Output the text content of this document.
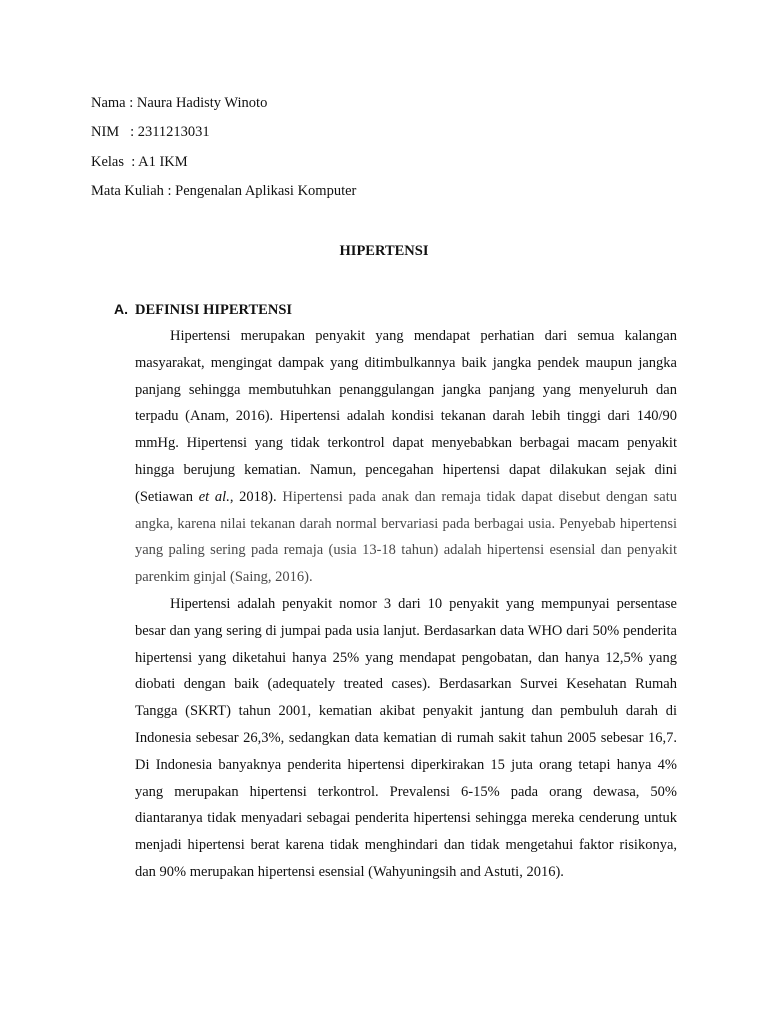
Nama : Naura Hadisty Winoto
NIM   : 2311213031
Kelas  : A1 IKM
Mata Kuliah : Pengenalan Aplikasi Komputer
HIPERTENSI
A. DEFINISI HIPERTENSI

Hipertensi merupakan penyakit yang mendapat perhatian dari semua kalangan masyarakat, mengingat dampak yang ditimbulkannya baik jangka pendek maupun jangka panjang sehingga membutuhkan penanggulangan jangka panjang yang menyeluruh dan terpadu (Anam, 2016). Hipertensi adalah kondisi tekanan darah lebih tinggi dari 140/90 mmHg. Hipertensi yang tidak terkontrol dapat menyebabkan berbagai macam penyakit hingga berujung kematian. Namun, pencegahan hipertensi dapat dilakukan sejak dini (Setiawan et al., 2018). Hipertensi pada anak dan remaja tidak dapat disebut dengan satu angka, karena nilai tekanan darah normal bervariasi pada berbagai usia. Penyebab hipertensi yang paling sering pada remaja (usia 13-18 tahun) adalah hipertensi esensial dan penyakit parenkim ginjal (Saing, 2016).

Hipertensi adalah penyakit nomor 3 dari 10 penyakit yang mempunyai persentase besar dan yang sering di jumpai pada usia lanjut. Berdasarkan data WHO dari 50% penderita hipertensi yang diketahui hanya 25% yang mendapat pengobatan, dan hanya 12,5% yang diobati dengan baik (adequately treated cases). Berdasarkan Survei Kesehatan Rumah Tangga (SKRT) tahun 2001, kematian akibat penyakit jantung dan pembuluh darah di Indonesia sebesar 26,3%, sedangkan data kematian di rumah sakit tahun 2005 sebesar 16,7. Di Indonesia banyaknya penderita hipertensi diperkirakan 15 juta orang tetapi hanya 4% yang merupakan hipertensi terkontrol. Prevalensi 6-15% pada orang dewasa, 50% diantaranya tidak menyadari sebagai penderita hipertensi sehingga mereka cenderung untuk menjadi hipertensi berat karena tidak menghindari dan tidak mengetahui faktor risikonya, dan 90% merupakan hipertensi esensial (Wahyuningsih and Astuti, 2016).
